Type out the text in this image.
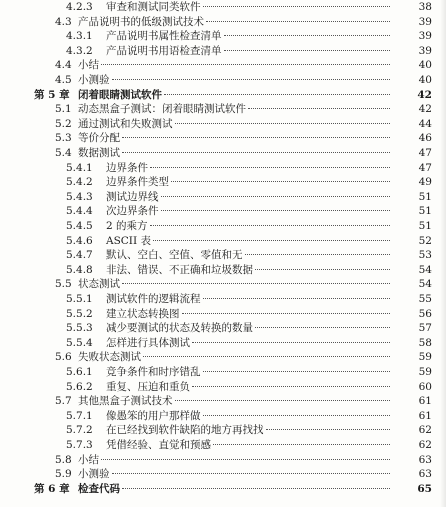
4.2.3 审查和测试同类软件	38
4.3 产品说明书的低级测试技术	39
4.3.1 产品说明书属性检查清单	39
4.3.2 产品说明书用语检查清单	39
4.4 小结	40
4.5 小测验	40
第 5 章 闭着眼睛测试软件	42
5.1 动态黑盒子测试：闭着眼睛测试软件	42
5.2 通过测试和失败测试	44
5.3 等价分配	46
5.4 数据测试	47
5.4.1 边界条件	47
5.4.2 边界条件类型	49
5.4.3 测试边界线	51
5.4.4 次边界条件	51
5.4.5 2 的乘方	51
5.4.6 ASCII 表	52
5.4.7 默认、空白、空值、零值和无	53
5.4.8 非法、错误、不正确和垃圾数据	54
5.5 状态测试	54
5.5.1 测试软件的逻辑流程	55
5.5.2 建立状态转换图	56
5.5.3 减少要测试的状态及转换的数量	57
5.5.4 怎样进行具体测试	58
5.6 失败状态测试	59
5.6.1 竞争条件和时序错乱	59
5.6.2 重复、压迫和重负	60
5.7 其他黑盒子测试技术	61
5.7.1 像愚笨的用户那样做	61
5.7.2 在已经找到软件缺陷的地方再找找	62
5.7.3 凭借经验、直觉和预感	62
5.8 小结	63
5.9 小测验	63
第 6 章 检查代码	65
